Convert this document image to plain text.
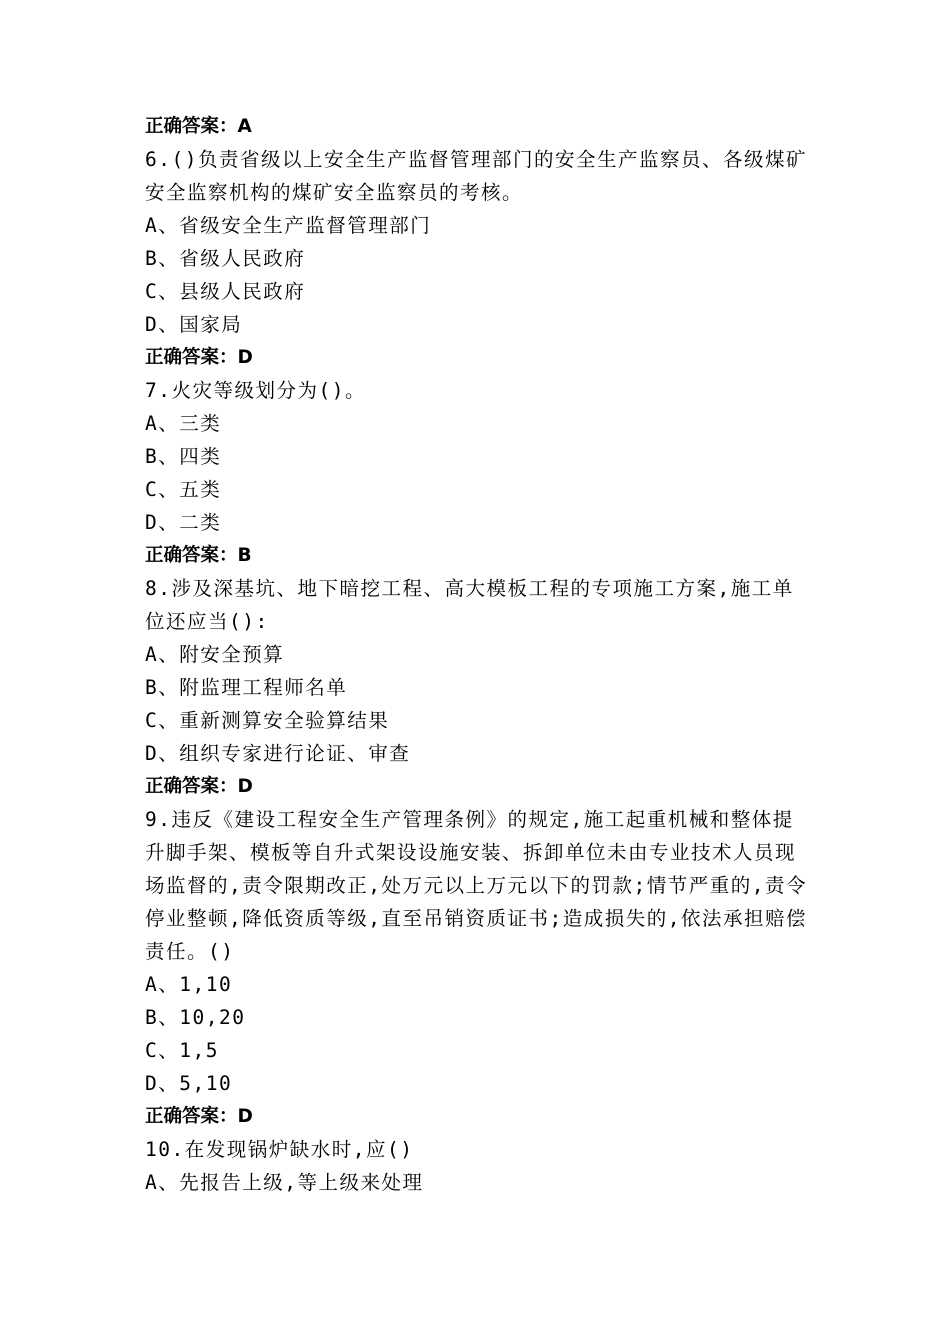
正确答案：A

6.()负责省级以上安全生产监督管理部门的安全生产监察员、各级煤矿安全监察机构的煤矿安全监察员的考核。

A、省级安全生产监督管理部门

B、省级人民政府

C、县级人民政府

D、国家局

正确答案：D

7.火灾等级划分为()。

A、三类

B、四类

C、五类

D、二类

正确答案：B

8.涉及深基坑、地下暗挖工程、高大模板工程的专项施工方案,施工单位还应当():

A、附安全预算

B、附监理工程师名单

C、重新测算安全验算结果

D、组织专家进行论证、审查

正确答案：D

9.违反《建设工程安全生产管理条例》的规定,施工起重机械和整体提升脚手架、模板等自升式架设设施安装、拆卸单位未由专业技术人员现场监督的,责令限期改正,处万元以上万元以下的罚款;情节严重的,责令停业整顿,降低资质等级,直至吊销资质证书;造成损失的,依法承担赔偿责任。()

A、1,10

B、10,20

C、1,5

D、5,10

正确答案：D

10.在发现锅炉缺水时,应()

A、先报告上级,等上级来处理
